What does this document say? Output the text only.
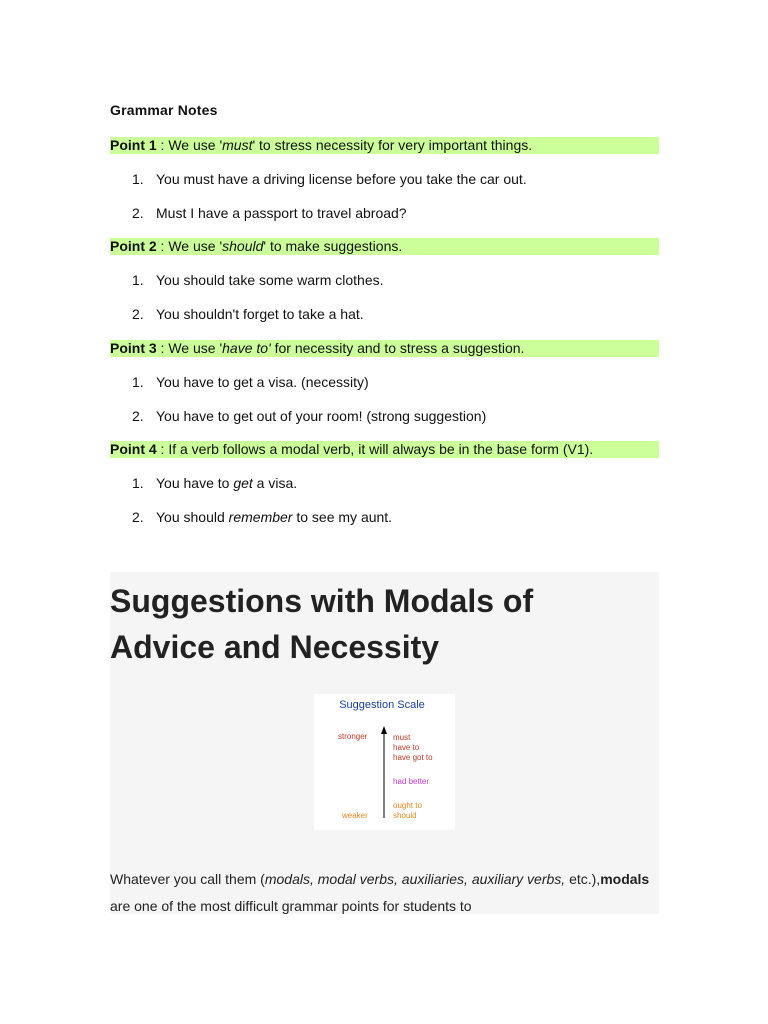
Grammar Notes
Point 1 : We use 'must' to stress necessity for very important things.
1. You must have a driving license before you take the car out.
2. Must I have a passport to travel abroad?
Point 2 : We use 'should' to make suggestions.
1. You should take some warm clothes.
2. You shouldn't forget to take a hat.
Point 3 : We use 'have to' for necessity and to stress a suggestion.
1. You have to get a visa. (necessity)
2. You have to get out of your room! (strong suggestion)
Point 4 : If a verb follows a modal verb, it will always be in the base form (V1).
1. You have to get a visa.
2. You should remember to see my aunt.
Suggestions with Modals of
Advice and Necessity
Suggestion Scale
stronger	must
have to
have got to
had better
ought to
should
weaker
Whatever you call them (modals, modal verbs, auxiliaries, auxiliary verbs, etc.),modals are one of the most difficult grammar points for students to
